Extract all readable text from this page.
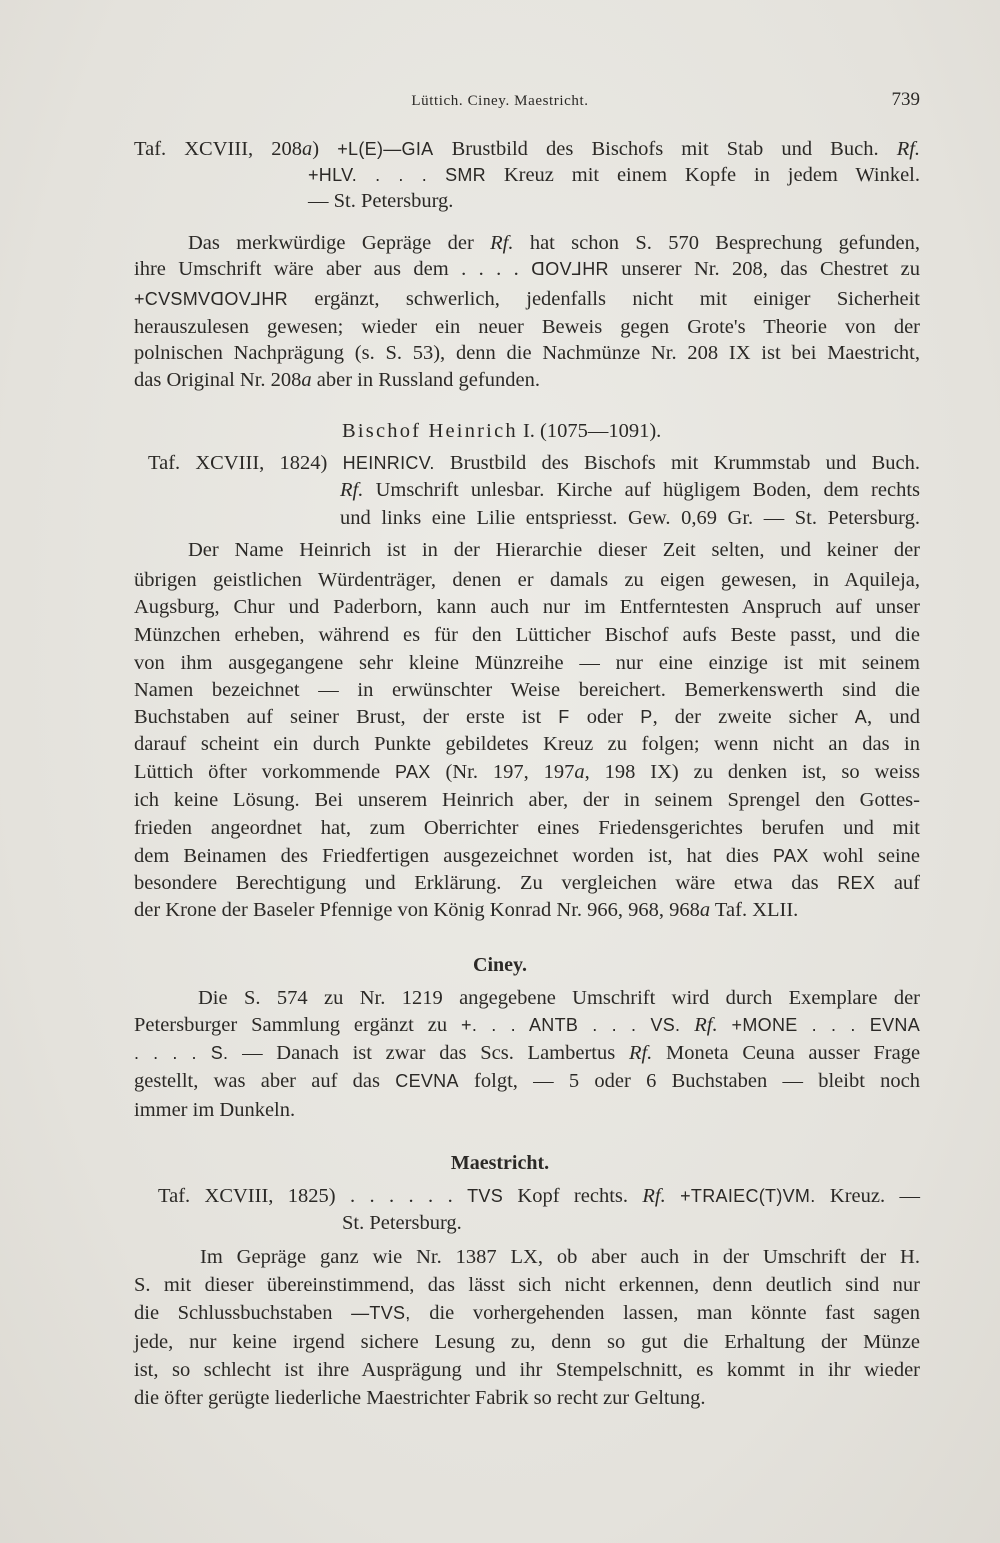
Lüttich. Ciney. Maestricht.	739
Taf. XCVIII, 208a) +L(E)—GIA Brustbild des Bischofs mit Stab und Buch. Rf.
+HLV. . . . SMR Kreuz mit einem Kopfe in jedem Winkel.
— St. Petersburg.
Das merkwürdige Gepräge der Rf. hat schon S. 570 Besprechung gefunden,
ihre Umschrift wäre aber aus dem . . . . ᗡOV⅃HR unserer Nr. 208, das Chestret zu
+CVSMVᗡOV⅃HR ergänzt, schwerlich, jedenfalls nicht mit einiger Sicherheit
herauszulesen gewesen; wieder ein neuer Beweis gegen Grote's Theorie von der
polnischen Nachprägung (s. S. 53), denn die Nachmünze Nr. 208 IX ist bei Maestricht,
das Original Nr. 208a aber in Russland gefunden.
Bischof Heinrich I. (1075—1091).
Taf. XCVIII, 1824) HEINRICV. Brustbild des Bischofs mit Krummstab und Buch.
Rf. Umschrift unlesbar. Kirche auf hügligem Boden, dem rechts
und links eine Lilie entspriesst. Gew. 0,69 Gr. — St. Petersburg.
Der Name Heinrich ist in der Hierarchie dieser Zeit selten, und keiner der
übrigen geistlichen Würdenträger, denen er damals zu eigen gewesen, in Aquileja,
Augsburg, Chur und Paderborn, kann auch nur im Entferntesten Anspruch auf unser
Münzchen erheben, während es für den Lütticher Bischof aufs Beste passt, und die
von ihm ausgegangene sehr kleine Münzreihe — nur eine einzige ist mit seinem
Namen bezeichnet — in erwünschter Weise bereichert. Bemerkenswerth sind die
Buchstaben auf seiner Brust, der erste ist F oder P, der zweite sicher A, und
darauf scheint ein durch Punkte gebildetes Kreuz zu folgen; wenn nicht an das in
Lüttich öfter vorkommende PAX (Nr. 197, 197a, 198 IX) zu denken ist, so weiss
ich keine Lösung. Bei unserem Heinrich aber, der in seinem Sprengel den Gottes-
frieden angeordnet hat, zum Oberrichter eines Friedensgerichtes berufen und mit
dem Beinamen des Friedfertigen ausgezeichnet worden ist, hat dies PAX wohl seine
besondere Berechtigung und Erklärung. Zu vergleichen wäre etwa das REX auf
der Krone der Baseler Pfennige von König Konrad Nr. 966, 968, 968a Taf. XLII.
Ciney.
Die S. 574 zu Nr. 1219 angegebene Umschrift wird durch Exemplare der
Petersburger Sammlung ergänzt zu +. . . ANTB . . . VS. Rf. +MONE . . . EVNA
. . . . S. — Danach ist zwar das Scs. Lambertus Rf. Moneta Ceuna ausser Frage
gestellt, was aber auf das CEVNA folgt, — 5 oder 6 Buchstaben — bleibt noch
immer im Dunkeln.
Maestricht.
Taf. XCVIII, 1825) . . . . . . TVS Kopf rechts. Rf. +TRAIEC(T)VM. Kreuz. —
St. Petersburg.
Im Gepräge ganz wie Nr. 1387 LX, ob aber auch in der Umschrift der H.
S. mit dieser übereinstimmend, das lässt sich nicht erkennen, denn deutlich sind nur
die Schlussbuchstaben —TVS, die vorhergehenden lassen, man könnte fast sagen
jede, nur keine irgend sichere Lesung zu, denn so gut die Erhaltung der Münze
ist, so schlecht ist ihre Ausprägung und ihr Stempelschnitt, es kommt in ihr wieder
die öfter gerügte liederliche Maestrichter Fabrik so recht zur Geltung.
